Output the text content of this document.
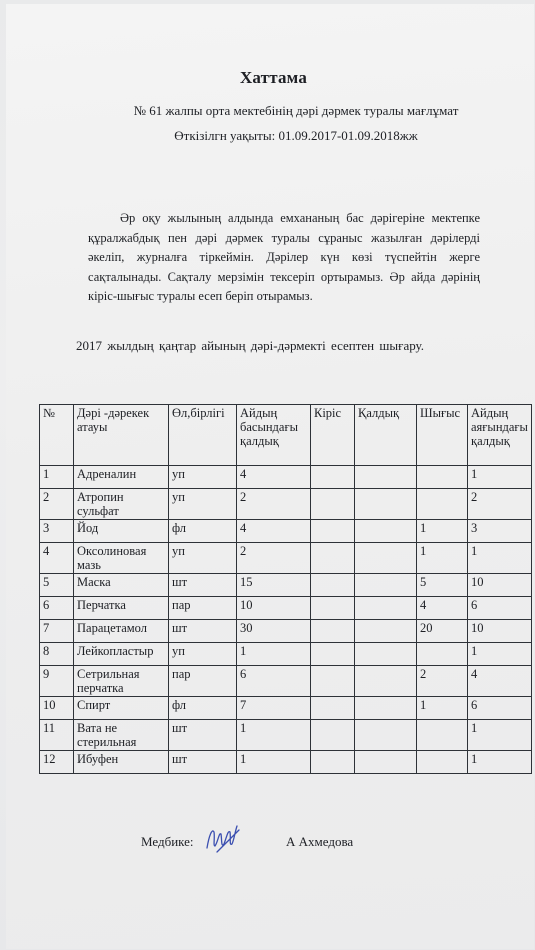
Хаттама
№ 61 жалпы орта мектебінің дәрі дәрмек туралы мағлұмат
Өткізілгн уақыты: 01.09.2017-01.09.2018жж
Әр оқу жылының алдында емхананың бас дәрігеріне мектепке құралжабдық пен дәрі дәрмек туралы сұраныс жазылған дәрілерді әкеліп, журналға тіркеймін. Дәрілер күн көзі түспейтін жерге сақталынады. Сақталу мерзімін тексеріп ортырамыз. Әр айда дәрінің кіріс-шығыс туралы есеп беріп отырамыз.
2017 жылдың қаңтар айының дәрі-дәрмекті есептен шығару.
№	Дәрі -дәрекек атауы	Өл,бірлігі	Айдың басындағы қалдық	Кіріс	Қалдық	Шығыс	Айдың аяғындағы қалдық
1	Адреналин	уп	4				1
2	Атропин сульфат	уп	2				2
3	Йод	фл	4			1	3
4	Оксолиновая мазь	уп	2			1	1
5	Маска	шт	15			5	10
6	Перчатка	пар	10			4	6
7	Парацетамол	шт	30			20	10
8	Лейкопластыр	уп	1				1
9	Сетрильная перчатка	пар	6			2	4
10	Спирт	фл	7			1	6
11	Вата не стерильная	шт	1				1
12	Ибуфен	шт	1				1
Медбике:	А Ахмедова
